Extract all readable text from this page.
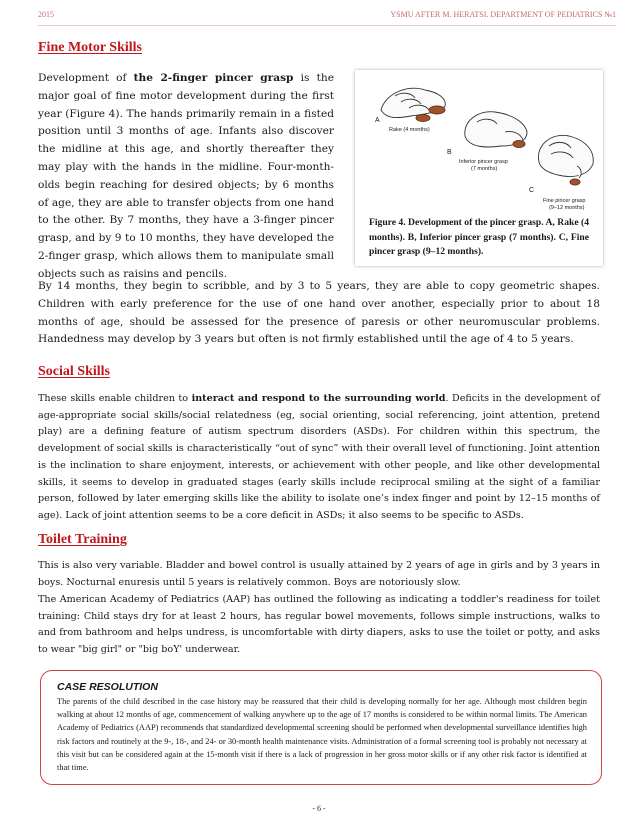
2015	YSMU AFTER M. HERATSI. DEPARTMENT OF PEDIATRICS №1
Fine Motor Skills

Development of the 2-finger pincer grasp is the major goal of fine motor development during the first year (Figure 4). The hands primarily remain in a fisted position until 3 months of age. Infants also discover the midline at this age, and shortly thereafter they may play with the hands in the midline. Four-month-olds begin reaching for desired objects; by 6 months of age, they are able to transfer objects from one hand to the other. By 7 months, they have a 3-finger pincer grasp, and by 9 to 10 months, they have developed the 2-finger grasp, which allows them to manipulate small objects such as raisins and pencils.

A
Rake (4 months)
B
Inferior pincer grasp
(7 months)
C
Fine pincer grasp
(9–12 months)

Figure 4. Development of the pincer grasp. A, Rake (4 months). B, Inferior pincer grasp (7 months). C, Fine pincer grasp (9–12 months).

By 14 months, they begin to scribble, and by 3 to 5 years, they are able to copy geometric shapes. Children with early preference for the use of one hand over another, especially prior to about 18 months of age, should be assessed for the presence of paresis or other neuromuscular problems. Handedness may develop by 3 years but often is not firmly established until the age of 4 to 5 years.

Social Skills

These skills enable children to interact and respond to the surrounding world. Deficits in the development of age-appropriate social skills/social relatedness (eg, social orienting, social referencing, joint attention, pretend play) are a defining feature of autism spectrum disorders (ASDs). For children within this spectrum, the development of social skills is characteristically “out of sync” with their overall level of functioning. Joint attention is the inclination to share enjoyment, interests, or achievement with other people, and like other developmental skills, it seems to develop in graduated stages (early skills include reciprocal smiling at the sight of a familiar person, followed by later emerging skills like the ability to isolate one’s index finger and point by 12–15 months of age). Lack of joint attention seems to be a core deficit in ASDs; it also seems to be specific to ASDs.

Toilet Training

This is also very variable. Bladder and bowel control is usually attained by 2 years of age in girls and by 3 years in boys. Nocturnal enuresis until 5 years is relatively common. Boys are notoriously slow.

The American Academy of Pediatrics (AAP) has outlined the following as indicating a toddler's readiness for toilet training: Child stays dry for at least 2 hours, has regular bowel movements, follows simple instructions, walks to and from bathroom and helps undress, is uncomfortable with dirty diapers, asks to use the toilet or potty, and asks to wear "big girl" or "big boY' underwear.

CASE RESOLUTION

The parents of the child described in the case history may be reassured that their child is developing normally for her age. Although most children begin walking at about 12 months of age, commencement of walking anywhere up to the age of 17 months is considered to be within normal limits. The American Academy of Pediatrics (AAP) recommends that standardized developmental screening should be performed when developmental surveillance identifies high risk factors and routinely at the 9-, 18-, and 24- or 30-month health maintenance visits. Administration of a formal screening tool is probably not necessary at this visit but can be considered again at the 15-month visit if there is a lack of progression in her gross motor skills or if any other risk factor is identified at that time.

- 6 -
